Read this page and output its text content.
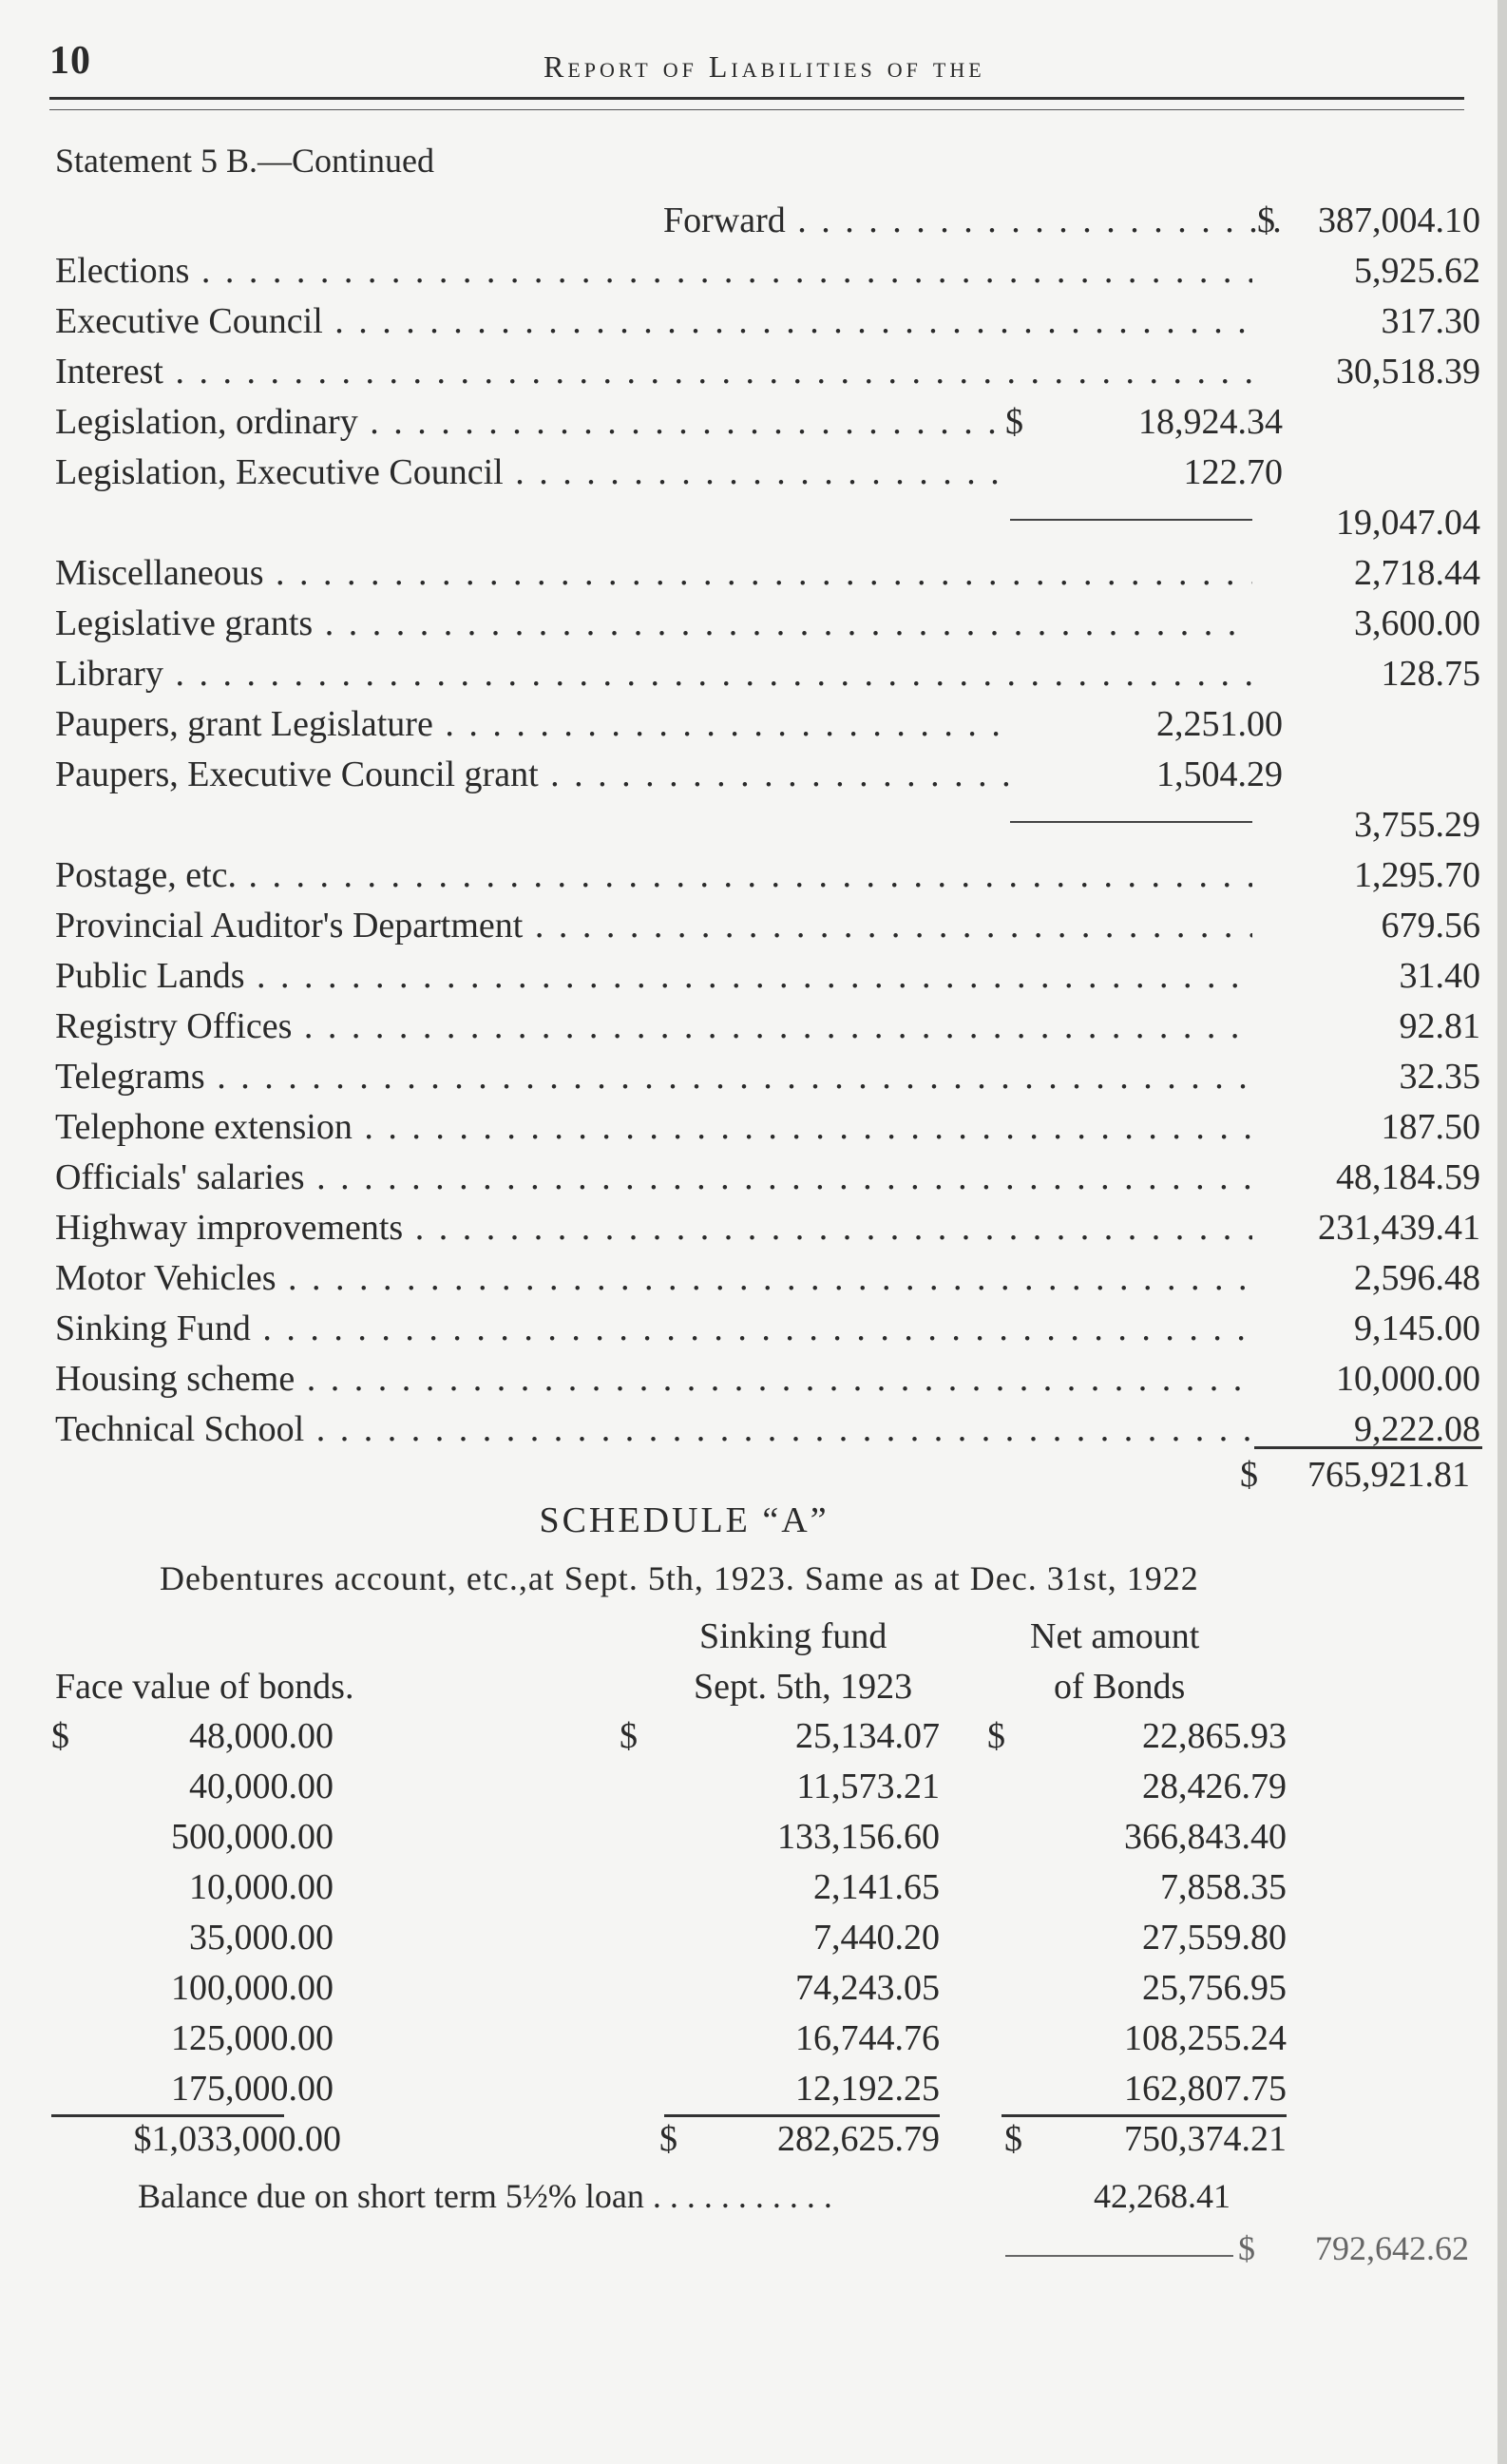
10	Report of Liabilities of the
Statement 5 B.—Continued
Forward . . .	$ 387,004.10
Elections . . .	5,925.62
Executive Council . . .	317.30
Interest . . .	30,518.39
Legislation, ordinary . . .	$	18,924.34
Legislation, Executive Council . . .	122.70
19,047.04
Miscellaneous . . .	2,718.44
Legislative grants . . .	3,600.00
Library . . .	128.75
Paupers, grant Legislature . . .	2,251.00
Paupers, Executive Council grant . . .	1,504.29
3,755.29
Postage, etc. . . .	1,295.70
Provincial Auditor's Department . . .	679.56
Public Lands . . .	31.40
Registry Offices . . .	92.81
Telegrams . . .	32.35
Telephone extension . . .	187.50
Officials' salaries . . .	48,184.59
Highway improvements . . .	231,439.41
Motor Vehicles . . .	2,596.48
Sinking Fund . . .	9,145.00
Housing scheme . . .	10,000.00
Technical School . . .	9,222.08
$ 765,921.81
SCHEDULE “A”
Debentures account, etc.,at Sept. 5th, 1923. Same as at Dec. 31st, 1922
Face value of bonds.
Sinking fund
Sept. 5th, 1923
Net amount
of Bonds
$	48,000.00	$	25,134.07 $	22,865.93
40,000.00	11,573.21	28,426.79
500,000.00	133,156.60	366,843.40
10,000.00	2,141.65	7,858.35
35,000.00	7,440.20	27,559.80
100,000.00	74,243.05	25,756.95
125,000.00	16,744.76	108,255.24
175,000.00	12,192.25	162,807.75
$1,033,000.00	$	282,625.79 $	750,374.21
Balance due on short term 5½% loan . . . . . . . . . . .	42,268.41
$ 792,642.62
